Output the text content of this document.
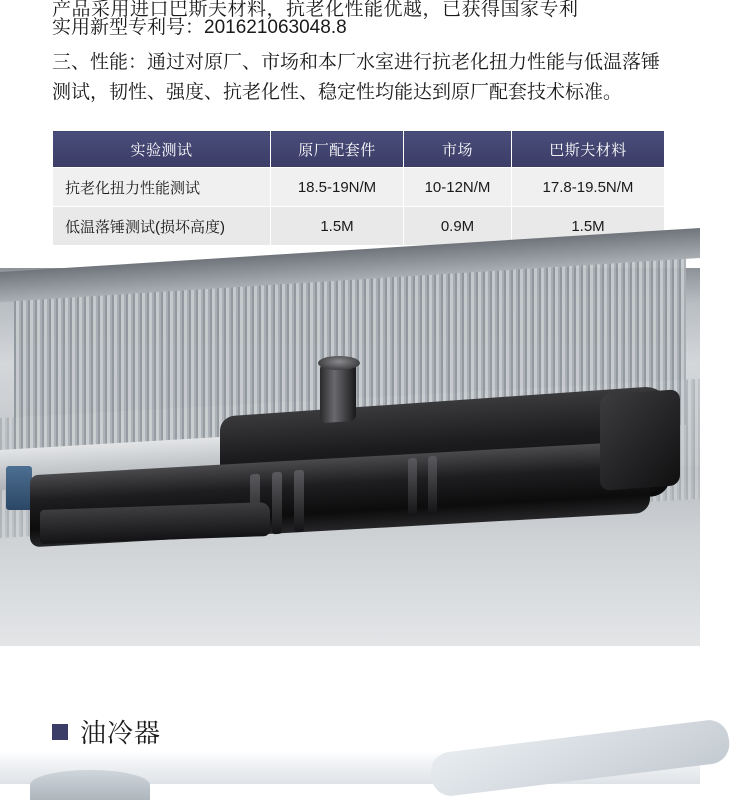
产品采用进口巴斯夫材料，抗老化性能优越，已获得国家专利
实用新型专利号：201621063048.8
三、性能：通过对原厂、市场和本厂水室进行抗老化扭力性能与低温落锤测试，韧性、强度、抗老化性、稳定性均能达到原厂配套技术标准。
实验测试	原厂配套件	市场	巴斯夫材料
抗老化扭力性能测试	18.5-19N/M	10-12N/M	17.8-19.5N/M
低温落锤测试(损坏高度)	1.5M	0.9M	1.5M
油冷器
